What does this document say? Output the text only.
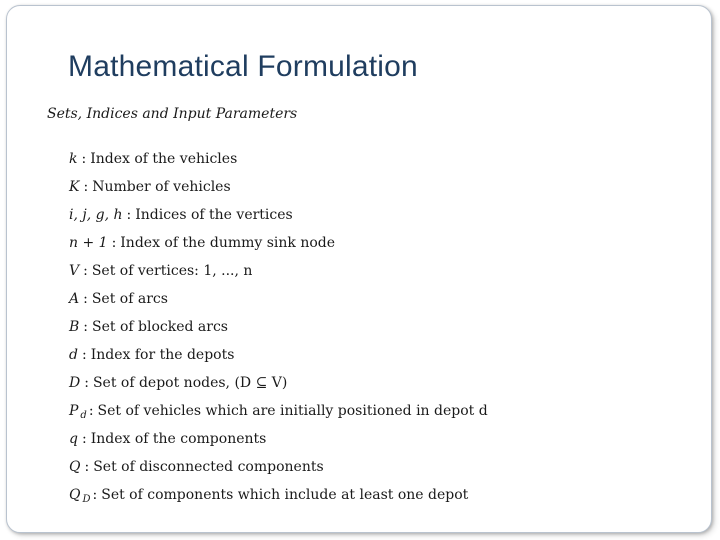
Mathematical Formulation
Sets, Indices and Input Parameters
k : Index of the vehicles
K : Number of vehicles
i, j, g, h : Indices of the vertices
n + 1 : Index of the dummy sink node
V : Set of vertices: 1, ..., n
A : Set of arcs
B : Set of blocked arcs
d : Index for the depots
D : Set of depot nodes, (D ⊆ V)
P $_d$ : Set of vehicles which are initially positioned in depot d
q : Index of the components
Q : Set of disconnected components
Q $_D$ : Set of components which include at least one depot
